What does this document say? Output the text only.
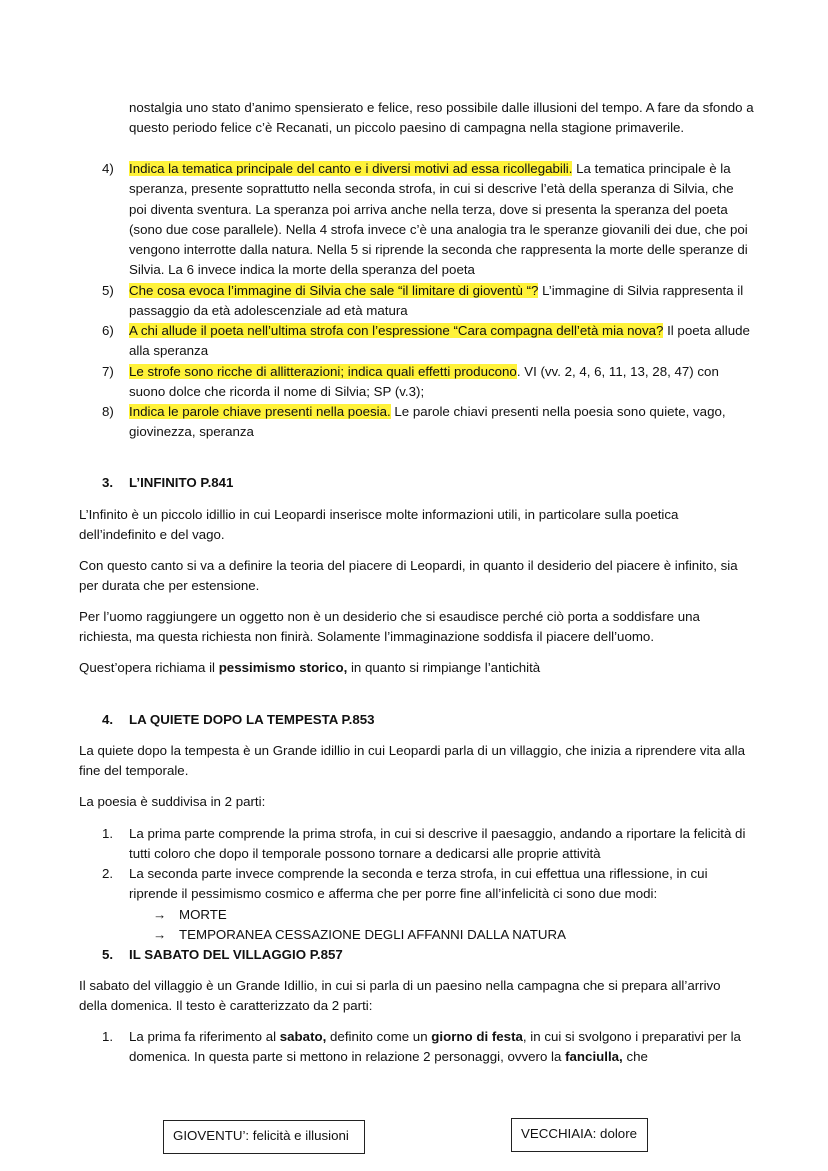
nostalgia uno stato d’animo spensierato e felice, reso possibile dalle illusioni del tempo. A fare da sfondo a questo periodo felice c’è Recanati, un piccolo paesino di campagna nella stagione primaverile.

4) Indica la tematica principale del canto e i diversi motivi ad essa ricollegabili. La tematica principale è la speranza, presente soprattutto nella seconda strofa, in cui si descrive l’età della speranza di Silvia, che poi diventa sventura. La speranza poi arriva anche nella terza, dove si presenta la speranza del poeta (sono due cose parallele). Nella 4 strofa invece c’è una analogia tra le speranze giovanili dei due, che poi vengono interrotte dalla natura. Nella 5 si riprende la seconda che rappresenta la morte delle speranze di Silvia. La 6 invece indica la morte della speranza del poeta

5) Che cosa evoca l’immagine di Silvia che sale “il limitare di gioventù “? L’immagine di Silvia rappresenta il passaggio da età adolescenziale ad età matura

6) A chi allude il poeta nell’ultima strofa con l’espressione “Cara compagna dell’età mia nova? Il poeta allude alla speranza

7) Le strofe sono ricche di allitterazioni; indica quali effetti producono. VI (vv. 2, 4, 6, 11, 13, 28, 47) con suono dolce che ricorda il nome di Silvia; SP (v.3);

8) Indica le parole chiave presenti nella poesia. Le parole chiavi presenti nella poesia sono quiete, vago, giovinezza, speranza

3. L’INFINITO P.841

L’Infinito è un piccolo idillio in cui Leopardi inserisce molte informazioni utili, in particolare sulla poetica dell’indefinito e del vago.

Con questo canto si va a definire la teoria del piacere di Leopardi, in quanto il desiderio del piacere è infinito, sia per durata che per estensione.

Per l’uomo raggiungere un oggetto non è un desiderio che si esaudisce perché ciò porta a soddisfare una richiesta, ma questa richiesta non finirà. Solamente l’immaginazione soddisfa il piacere dell’uomo.

Quest’opera richiama il pessimismo storico, in quanto si rimpiange l’antichità

4. LA QUIETE DOPO LA TEMPESTA P.853

La quiete dopo la tempesta è un Grande idillio in cui Leopardi parla di un villaggio, che inizia a riprendere vita alla fine del temporale.

La poesia è suddivisa in 2 parti:

1. La prima parte comprende la prima strofa, in cui si descrive il paesaggio, andando a riportare la felicità di tutti coloro che dopo il temporale possono tornare a dedicarsi alle proprie attività

2. La seconda parte invece comprende la seconda e terza strofa, in cui effettua una riflessione, in cui riprende il pessimismo cosmico e afferma che per porre fine all’infelicità ci sono due modi:

→ MORTE
→ TEMPORANEA CESSAZIONE DEGLI AFFANNI DALLA NATURA
5. IL SABATO DEL VILLAGGIO P.857

Il sabato del villaggio è un Grande Idillio, in cui si parla di un paesino nella campagna che si prepara all’arrivo della domenica. Il testo è caratterizzato da 2 parti:

1. La prima fa riferimento al sabato, definito come un giorno di festa, in cui si svolgono i preparativi per la domenica. In questa parte si mettono in relazione 2 personaggi, ovvero la fanciulla, che

GIOVENTU’: felicità e illusioni	VECCHIAIA: dolore
